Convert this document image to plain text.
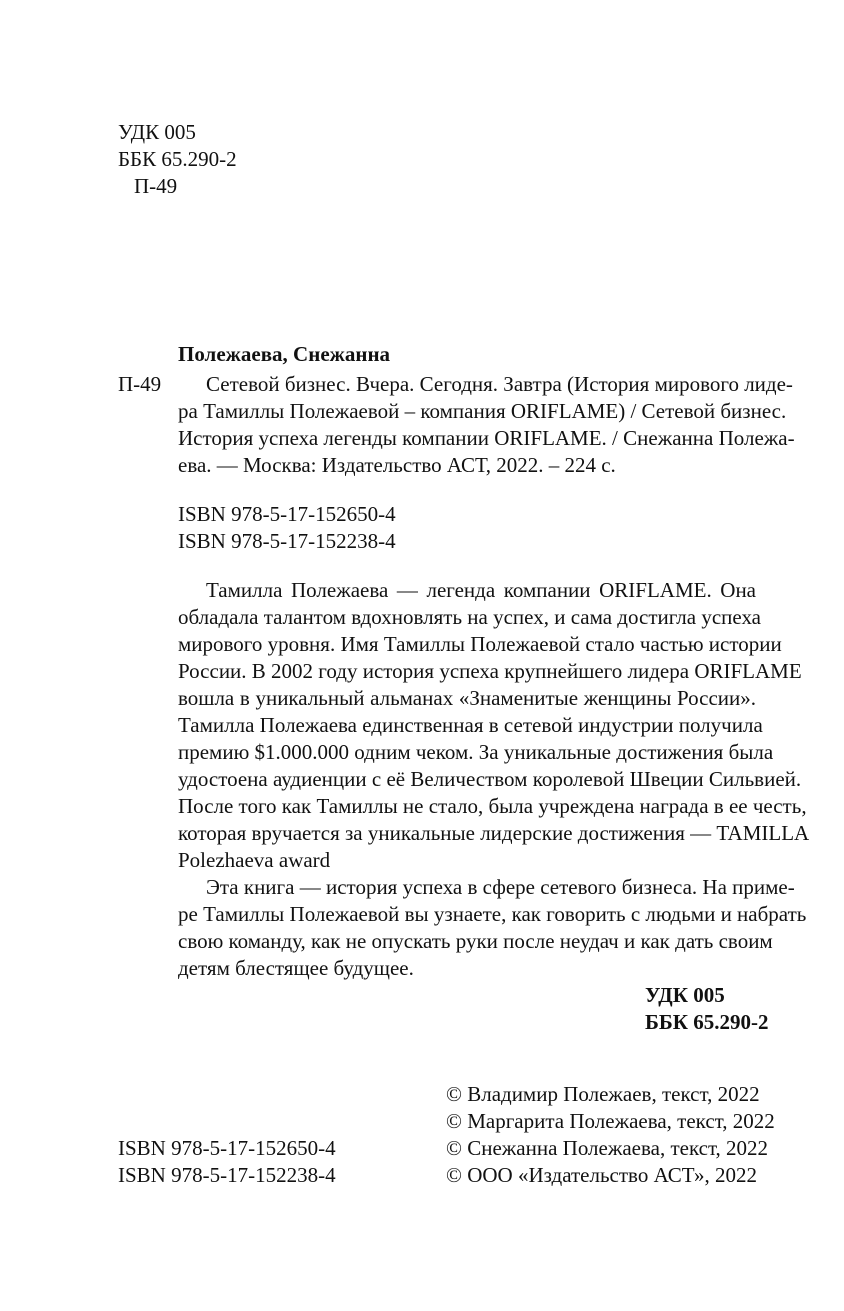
УДК 005
ББК 65.290-2
П-49
Полежаева, Снежанна
П-49 Сетевой бизнес. Вчера. Сегодня. Завтра (История мирового лиде-
ра Тамиллы Полежаевой – компания ORIFLAME) / Сетевой бизнес.
История успеха легенды компании ORIFLAME. / Снежанна Полежа-
ева. — Москва: Издательство АСТ, 2022. – 224 с.
ISBN 978-5-17-152650-4
ISBN 978-5-17-152238-4
Тамилла Полежаева — легенда компании ORIFLAME. Она
обладала талантом вдохновлять на успех, и сама достигла успеха
мирового уровня. Имя Тамиллы Полежаевой стало частью истории
России. В 2002 году история успеха крупнейшего лидера ORIFLAME
вошла в уникальный альманах «Знаменитые женщины России».
Тамилла Полежаева единственная в сетевой индустрии получила
премию $1.000.000 одним чеком. За уникальные достижения была
удостоена аудиенции с её Величеством королевой Швеции Сильвией.
После того как Тамиллы не стало, была учреждена награда в ее честь,
которая вручается за уникальные лидерские достижения — TAMILLA
Polezhaeva award
Эта книга — история успеха в сфере сетевого бизнеса. На приме-
ре Тамиллы Полежаевой вы узнаете, как говорить с людьми и набрать
свою команду, как не опускать руки после неудач и как дать своим
детям блестящее будущее.
УДК 005
ББК 65.290-2
ISBN 978-5-17-152650-4
ISBN 978-5-17-152238-4
© Владимир Полежаев, текст, 2022
© Маргарита Полежаева, текст, 2022
© Снежанна Полежаева, текст, 2022
© ООО «Издательство АСТ», 2022
